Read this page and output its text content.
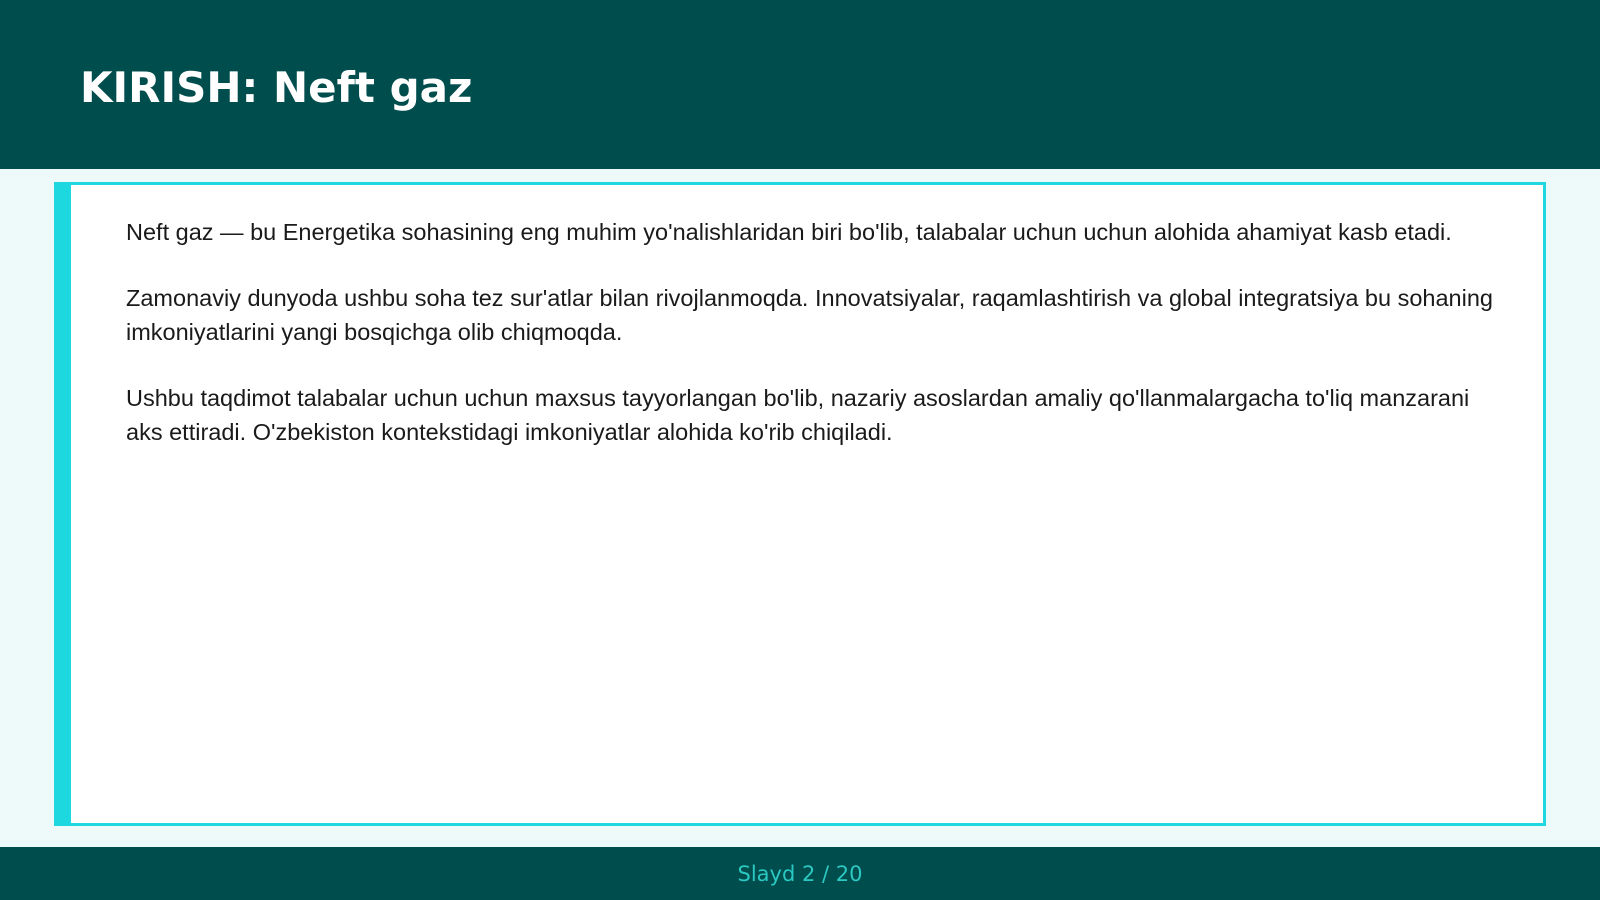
KIRISH: Neft gaz

Neft gaz — bu Energetika sohasining eng muhim yo'nalishlaridan biri bo'lib, talabalar uchun uchun alohida ahamiyat kasb etadi.

Zamonaviy dunyoda ushbu soha tez sur'atlar bilan rivojlanmoqda. Innovatsiyalar, raqamlashtirish va global integratsiya bu sohaning imkoniyatlarini yangi bosqichga olib chiqmoqda.

Ushbu taqdimot talabalar uchun uchun maxsus tayyorlangan bo'lib, nazariy asoslardan amaliy qo'llanmalargacha to'liq manzarani aks ettiradi. O'zbekiston kontekstidagi imkoniyatlar alohida ko'rib chiqiladi.

Slayd 2 / 20
